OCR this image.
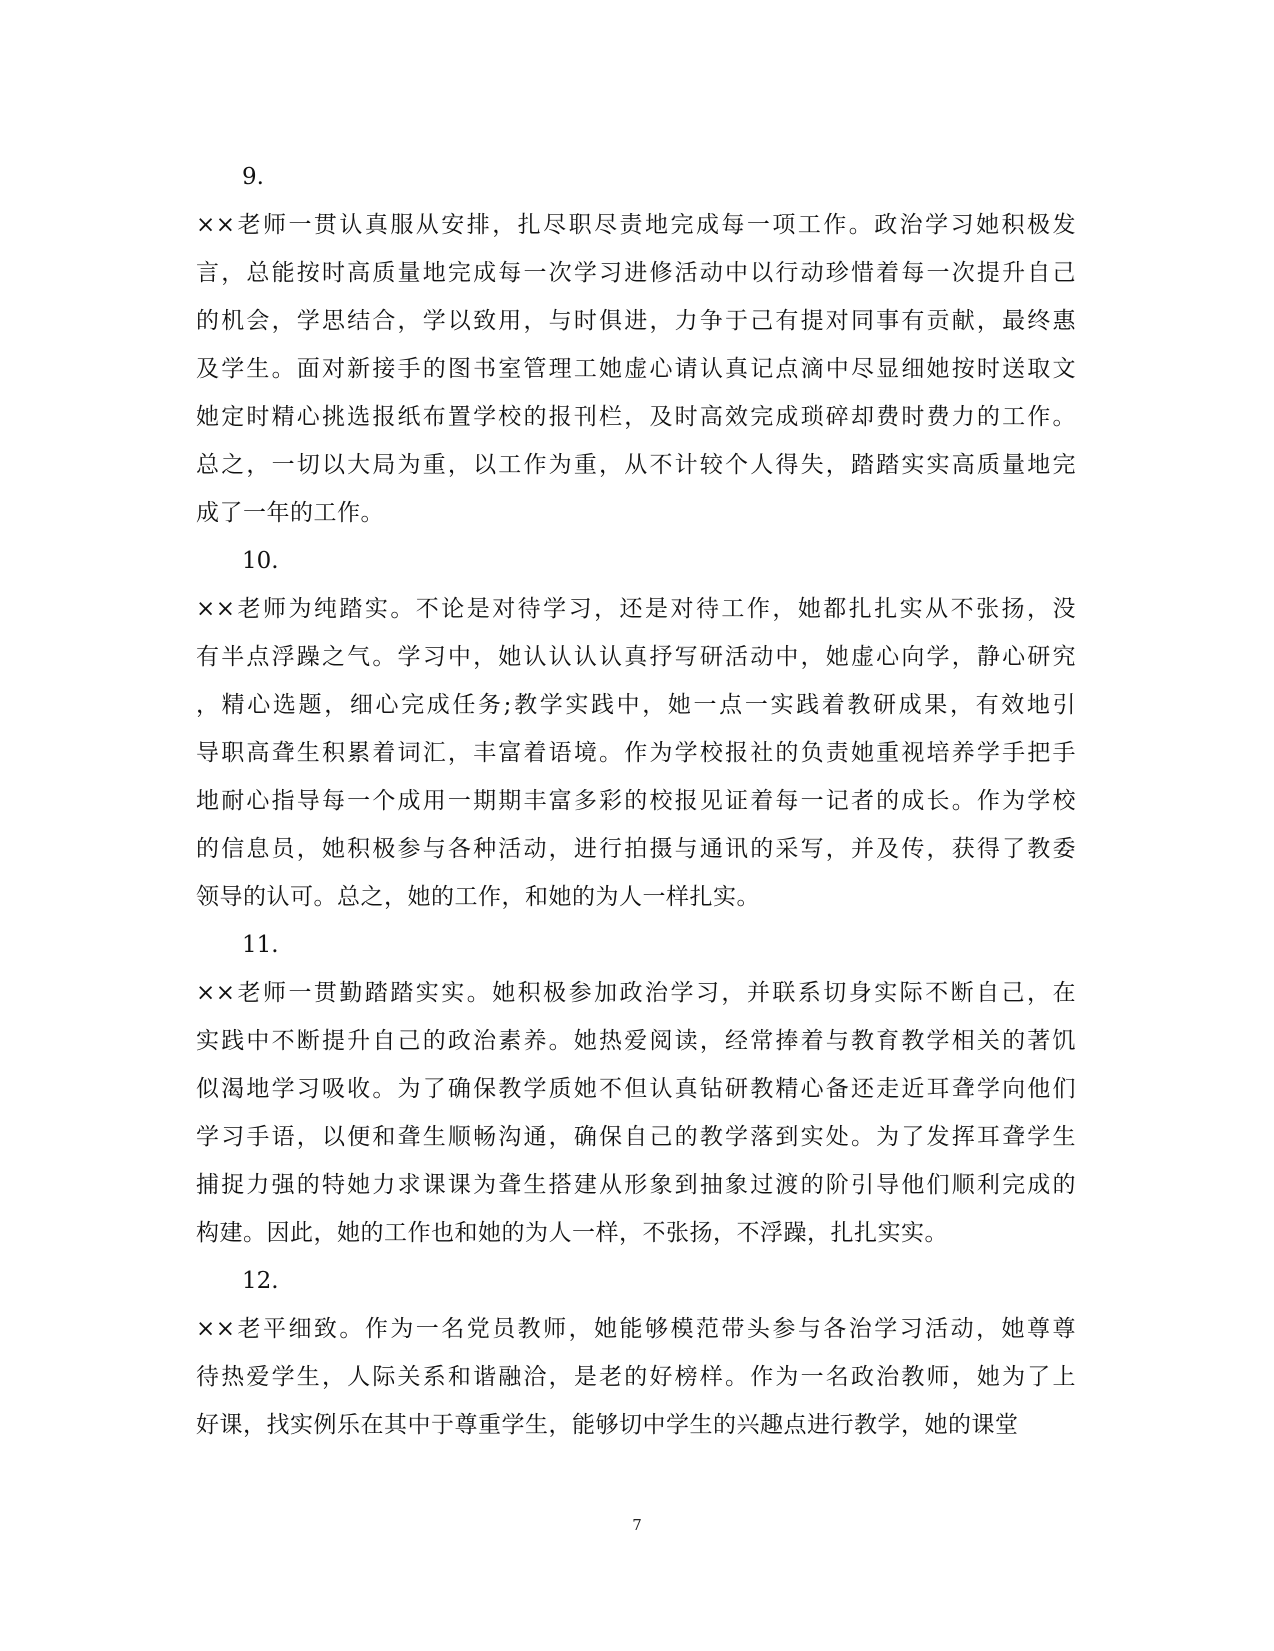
9.
××老师一贯认真服从安排，扎尽职尽责地完成每一项工作。政治学习她积极发
言，总能按时高质量地完成每一次学习进修活动中以行动珍惜着每一次提升自己
的机会，学思结合，学以致用，与时俱进，力争于己有提对同事有贡献，最终惠
及学生。面对新接手的图书室管理工她虚心请认真记点滴中尽显细她按时送取文
她定时精心挑选报纸布置学校的报刊栏，及时高效完成琐碎却费时费力的工作。
总之，一切以大局为重，以工作为重，从不计较个人得失，踏踏实实高质量地完
成了一年的工作。
10.
××老师为纯踏实。不论是对待学习，还是对待工作，她都扎扎实从不张扬，没
有半点浮躁之气。学习中，她认认认认真抒写研活动中，她虚心向学，静心研究
，精心选题，细心完成任务;教学实践中，她一点一实践着教研成果，有效地引
导职高聋生积累着词汇，丰富着语境。作为学校报社的负责她重视培养学手把手
地耐心指导每一个成用一期期丰富多彩的校报见证着每一记者的成长。作为学校
的信息员，她积极参与各种活动，进行拍摄与通讯的采写，并及传，获得了教委
领导的认可。总之，她的工作，和她的为人一样扎实。
11.
××老师一贯勤踏踏实实。她积极参加政治学习，并联系切身实际不断自己，在
实践中不断提升自己的政治素养。她热爱阅读，经常捧着与教育教学相关的著饥
似渴地学习吸收。为了确保教学质她不但认真钻研教精心备还走近耳聋学向他们
学习手语，以便和聋生顺畅沟通，确保自己的教学落到实处。为了发挥耳聋学生
捕捉力强的特她力求课课为聋生搭建从形象到抽象过渡的阶引导他们顺利完成的
构建。因此，她的工作也和她的为人一样，不张扬，不浮躁，扎扎实实。
12.
××老平细致。作为一名党员教师，她能够模范带头参与各治学习活动，她尊尊
待热爱学生，人际关系和谐融洽，是老的好榜样。作为一名政治教师，她为了上
好课，找实例乐在其中于尊重学生，能够切中学生的兴趣点进行教学，她的课堂
7
